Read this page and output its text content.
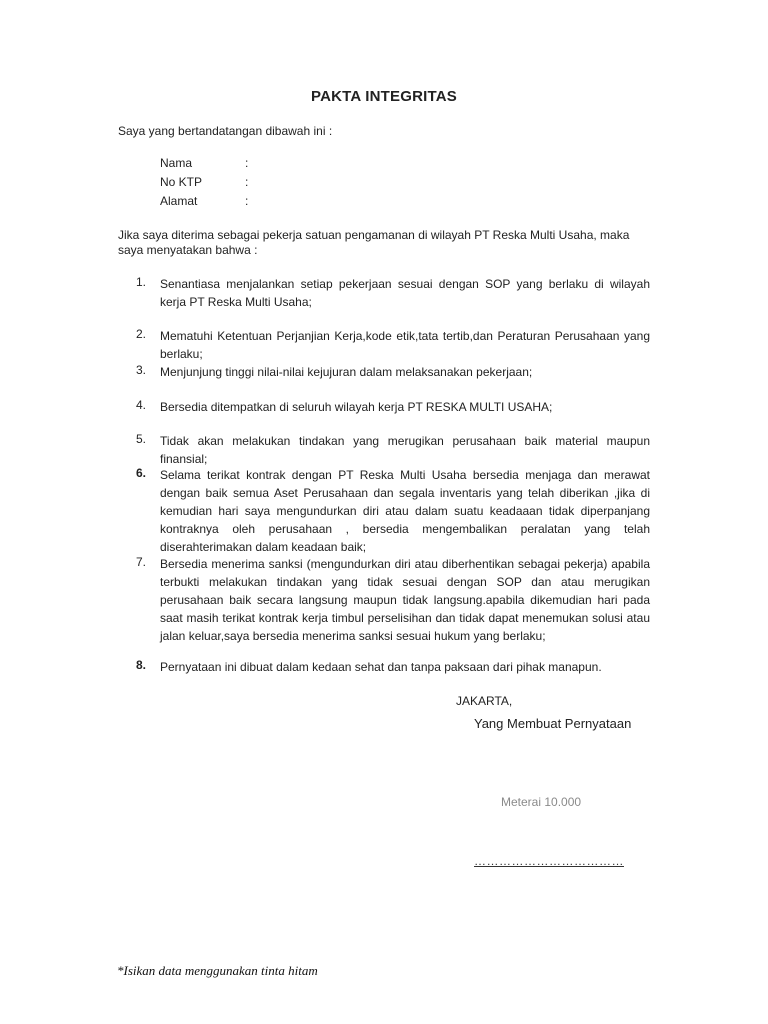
PAKTA INTEGRITAS
Saya yang bertandatangan dibawah ini :
Nama	:
No KTP	:
Alamat	:
Jika saya diterima sebagai pekerja satuan pengamanan di wilayah PT Reska Multi Usaha, maka saya menyatakan bahwa :
1.	Senantiasa menjalankan setiap pekerjaan sesuai dengan SOP yang berlaku di wilayah kerja PT Reska Multi Usaha;
2.	Mematuhi Ketentuan Perjanjian Kerja,kode etik,tata tertib,dan Peraturan Perusahaan yang berlaku;
3.	Menjunjung tinggi nilai-nilai kejujuran dalam melaksanakan pekerjaan;
4.	Bersedia ditempatkan di seluruh wilayah kerja PT RESKA MULTI USAHA;
5.	Tidak akan melakukan tindakan yang merugikan perusahaan baik material maupun finansial;
6.	Selama terikat kontrak dengan PT Reska Multi Usaha bersedia menjaga dan merawat dengan baik semua Aset Perusahaan dan segala inventaris yang telah diberikan ,jika di kemudian hari saya mengundurkan diri atau dalam suatu keadaaan tidak diperpanjang kontraknya oleh perusahaan , bersedia mengembalikan peralatan yang telah diserahterimakan dalam keadaan baik;
7.	Bersedia menerima sanksi (mengundurkan diri atau diberhentikan sebagai pekerja) apabila terbukti melakukan tindakan yang tidak sesuai dengan SOP dan atau merugikan perusahaan baik secara langsung maupun tidak langsung.apabila dikemudian hari pada saat masih terikat kontrak kerja timbul perselisihan dan tidak dapat menemukan solusi atau jalan keluar,saya bersedia menerima sanksi sesuai hukum yang berlaku;
8.	Pernyataan ini dibuat dalam kedaan sehat dan tanpa paksaan dari pihak manapun.
JAKARTA,
Yang Membuat Pernyataan
Meterai 10.000
………………………………
*Isikan data menggunakan tinta hitam
